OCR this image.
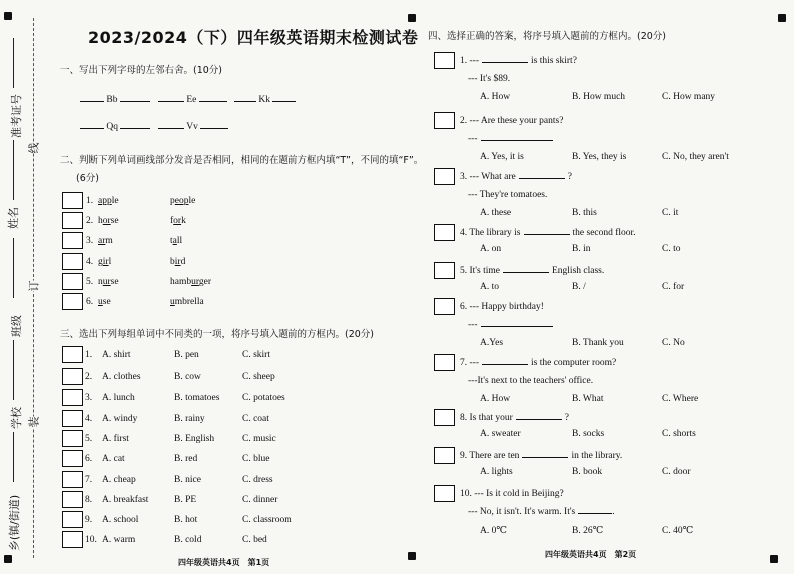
准考证号
姓名
班级
学校
乡(镇/街道)
线
订
装
2023/2024（下）四年级英语期末检测试卷
一、写出下列字母的左邻右舍。(10分)
Bb	Ee	Kk
Qq	Vv
二、判断下列单词画线部分发音是否相同，相同的在题前方框内填“T”，不同的填“F”。
(6分)
1. apple	people
2. horse	fork
3. arm	tall
4. girl	bird
5. nurse	hamburger
6. use	umbrella
三、选出下列每组单词中不同类的一项，将序号填入题前的方框内。(20分)
1. A. shirt	B. pen	C. skirt
2. A. clothes	B. cow	C. sheep
3. A. lunch	B. tomatoes C. potatoes
4. A. windy	B. rainy	C. coat
5. A. first	B. English	C. music
6. A. cat	B. red	C. blue
7. A. cheap	B. nice	C. dress
8. A. breakfast	B. PE	C. dinner
9. A. school	B. hot	C. classroom
10. A. warm	B. cold	C. bed
四年级英语共4页　第1页
四、选择正确的答案，将序号填入题前的方框内。(20分)
1. ---	is this skirt?
--- It's $89.
A. How	B. How much	C. How many
2. --- Are these your pants?
---
A. Yes, it is	B. Yes, they is	C. No, they aren't
3. --- What are	?
--- They're tomatoes.
A. these	B. this	C. it
4. The library is	the second floor.
A. on	B. in	C. to
5. It's time	English class.
A. to	B. /	C. for
6. --- Happy birthday!
---
A.Yes	B. Thank you	C. No
7. ---	is the computer room?
---It's next to the teachers' office.
A. How	B. What	C. Where
8. Is that your	?
A. sweater	B. socks	C. shorts
9. There are ten	in the library.
A. lights	B. book	C. door
10. --- Is it cold in Beijing?
--- No, it isn't. It's warm. It's	.
A. 0℃	B. 26℃	C. 40℃
四年级英语共4页　第2页
